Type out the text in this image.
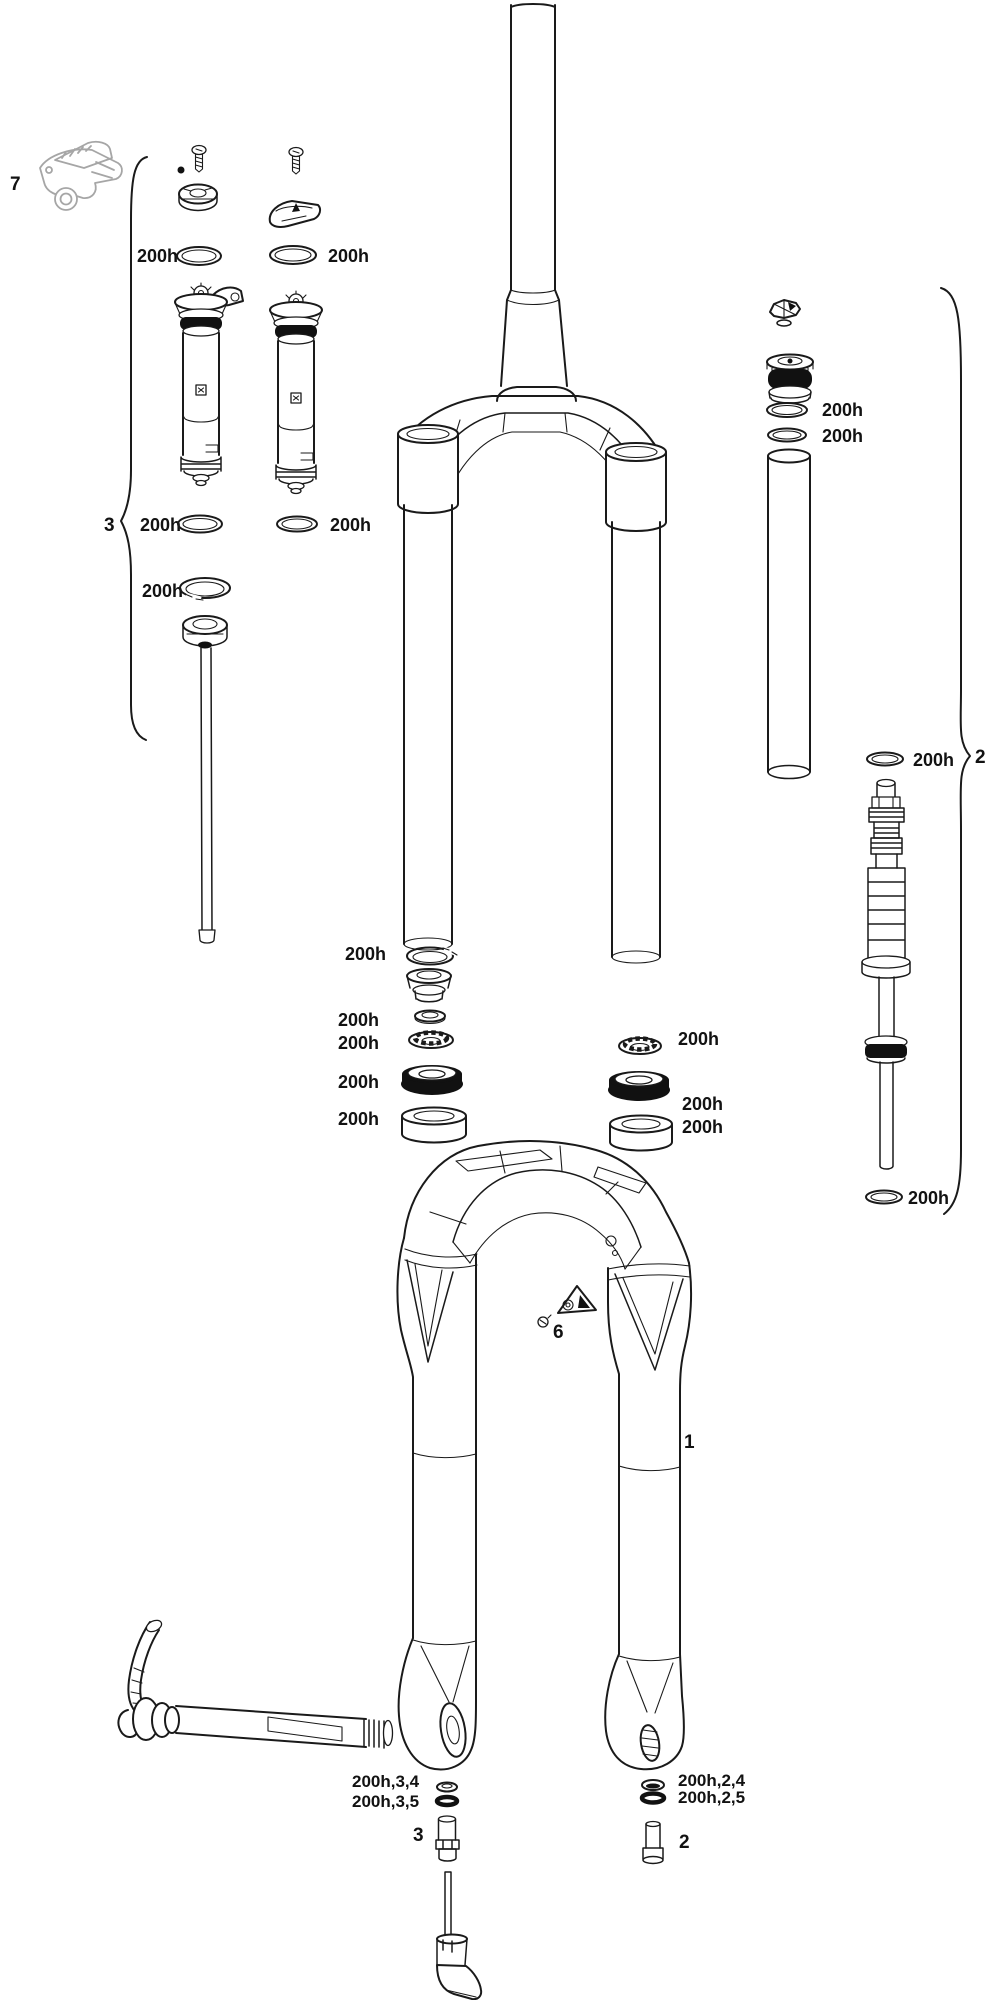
7
3
200h	200h
200h	200h
200h
200h
200h
200h
200h
200h
200h
200h
200h
200h
200h
200h
200h
2
1
6
200h,3,4
200h,3,5
3
200h,2,4
200h,2,5
2
